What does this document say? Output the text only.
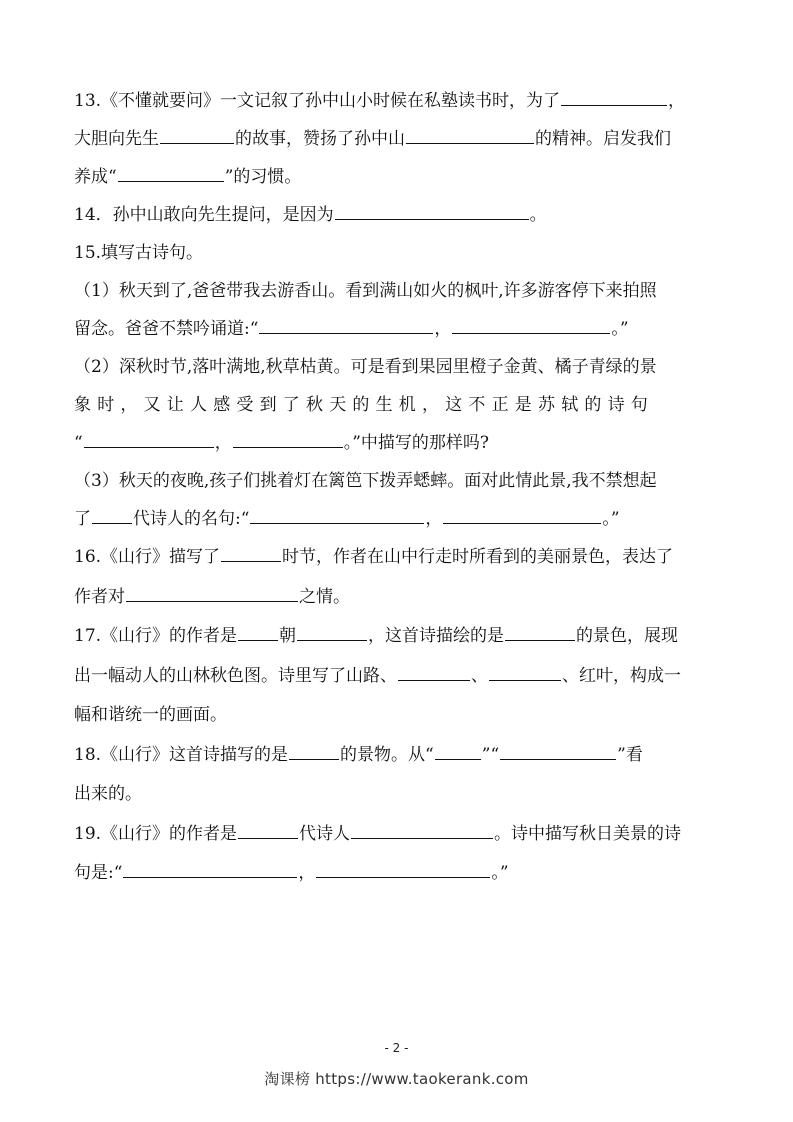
13.《不懂就要问》一文记叙了孙中山小时候在私塾读书时，为了	，
大胆向先生	的故事，赞扬了孙中山	的精神。启发我们
养成“	”的习惯。
14．孙中山敢向先生提问，是因为	。
15.填写古诗句。
（1）秋天到了,爸爸带我去游香山。看到满山如火的枫叶,许多游客停下来拍照
留念。爸爸不禁吟诵道:“	，	。”
（2）深秋时节,落叶满地,秋草枯黄。可是看到果园里橙子金黄、橘子青绿的景
象时，又让人感受到了秋天的生机，这不正是苏轼的诗句
“	，	。”中描写的那样吗?
（3）秋天的夜晚,孩子们挑着灯在篱笆下拨弄蟋蟀。面对此情此景,我不禁想起
了 代诗人的名句:“	，	。”
16.《山行》描写了	时节，作者在山中行走时所看到的美丽景色，表达了
作者对	之情。
17.《山行》的作者是 朝	，这首诗描绘的是	的景色，展现
出一幅动人的山林秋色图。诗里写了山路、	、	、红叶，构成一
幅和谐统一的画面。
18.《山行》这首诗描写的是	的景物。从“	”“	”看
出来的。
19.《山行》的作者是	代诗人	。诗中描写秋日美景的诗
句是:“	，	。”
- 2 -
淘课榜 https://www.taokerank.com
